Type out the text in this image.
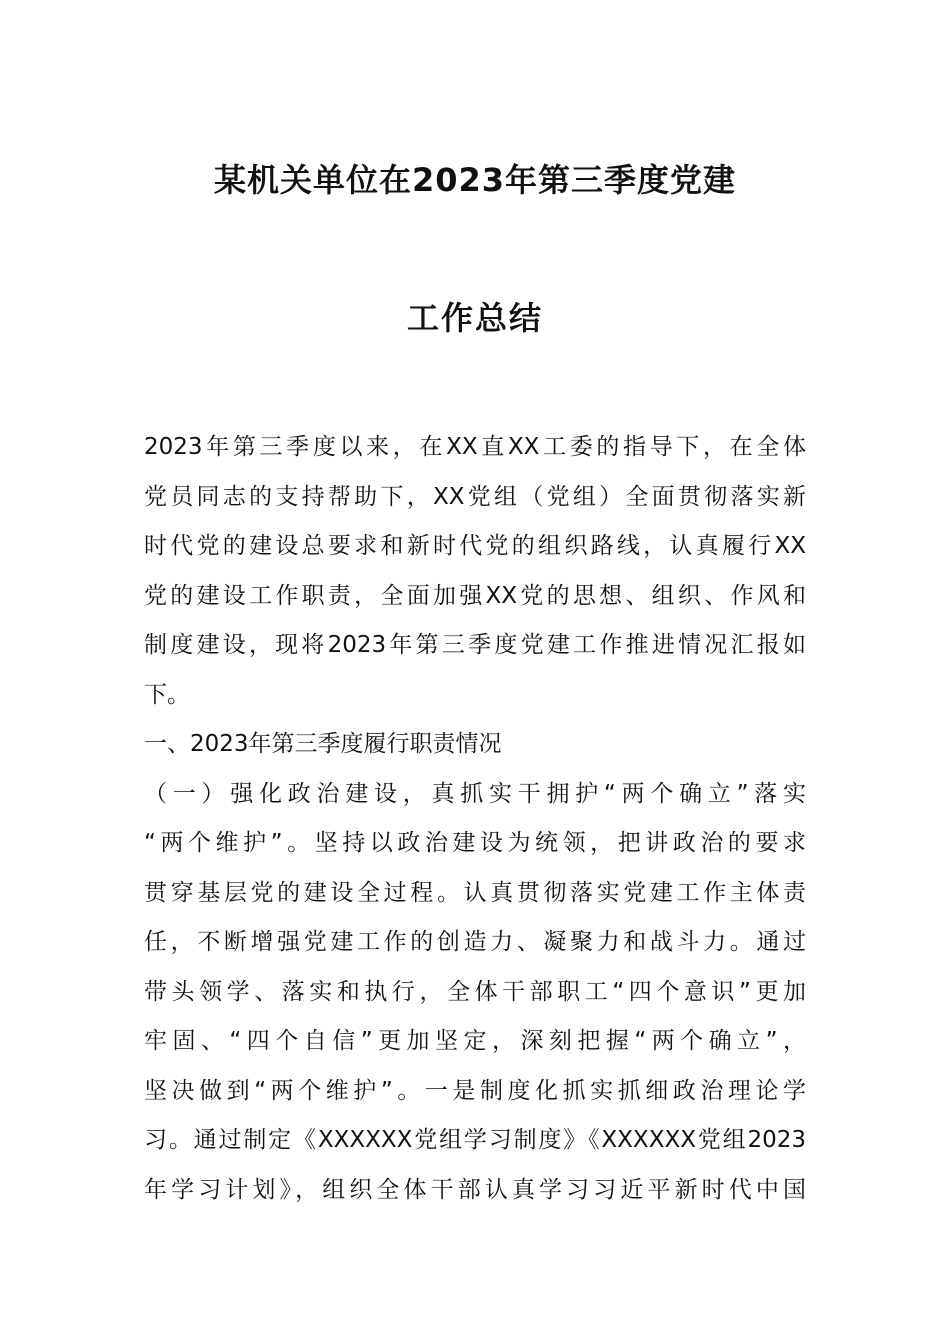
某机关单位在2023年第三季度党建
工作总结
2023年第三季度以来，在XX直XX工委的指导下，在全体
党员同志的支持帮助下，XX党组（党组）全面贯彻落实新
时代党的建设总要求和新时代党的组织路线，认真履行XX
党的建设工作职责，全面加强XX党的思想、组织、作风和
制度建设，现将2023年第三季度党建工作推进情况汇报如
下。
一、2023年第三季度履行职责情况
（一）强化政治建设，真抓实干拥护“两个确立”落实
“两个维护”。坚持以政治建设为统领，把讲政治的要求
贯穿基层党的建设全过程。认真贯彻落实党建工作主体责
任，不断增强党建工作的创造力、凝聚力和战斗力。通过
带头领学、落实和执行，全体干部职工“四个意识”更加
牢固、“四个自信”更加坚定，深刻把握“两个确立”，
坚决做到“两个维护”。一是制度化抓实抓细政治理论学
习。通过制定《XXXXXX党组学习制度》《XXXXXX党组2023
年学习计划》，组织全体干部认真学习习近平新时代中国
